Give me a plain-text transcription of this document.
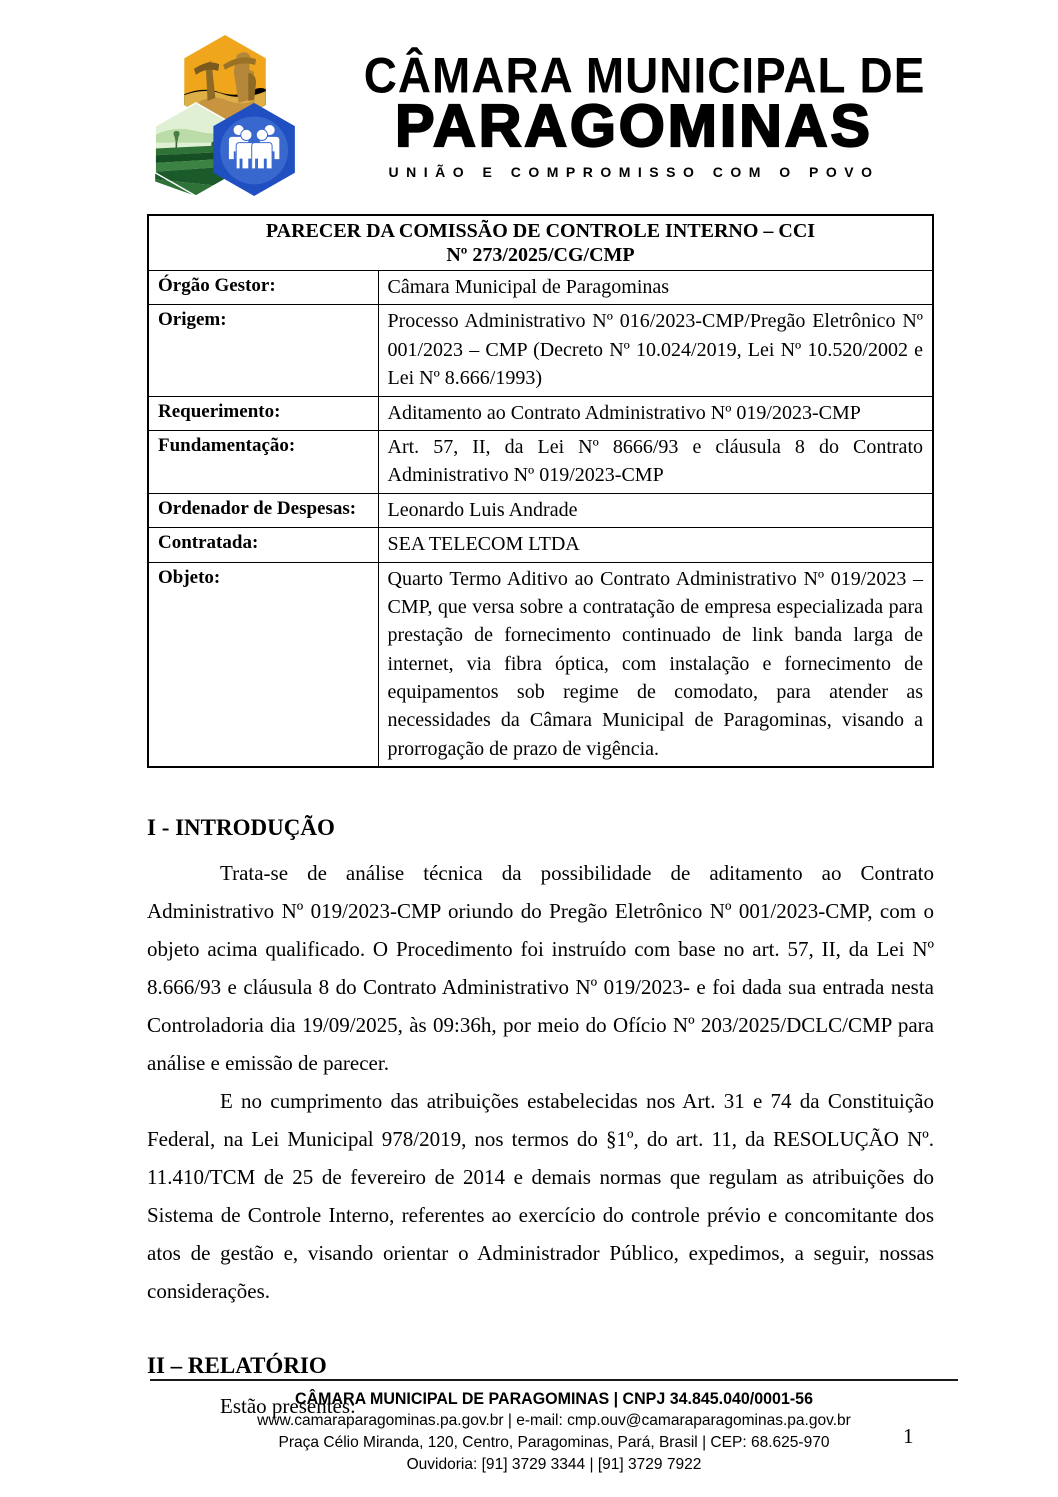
CÂMARA MUNICIPAL DE
PARAGOMINAS
UNIÃO E COMPROMISSO COM O POVO
PARECER DA COMISSÃO DE CONTROLE INTERNO – CCI
Nº 273/2025/CG/CMP	

Órgão Gestor:	Câmara Municipal de Paragominas
Origem:	Processo Administrativo Nº 016/2023-CMP/Pregão Eletrônico Nº 001/2023 – CMP (Decreto Nº 10.024/2019, Lei Nº 10.520/2002 e Lei Nº 8.666/1993)
Requerimento:	Aditamento ao Contrato Administrativo Nº 019/2023-CMP
Fundamentação:	Art. 57, II, da Lei Nº 8666/93 e cláusula 8 do Contrato Administrativo Nº 019/2023-CMP
Ordenador de Despesas:	Leonardo Luis Andrade
Contratada:	SEA TELECOM LTDA
Objeto:	Quarto Termo Aditivo ao Contrato Administrativo Nº 019/2023 – CMP, que versa sobre a contratação de empresa especializada para prestação de fornecimento continuado de link banda larga de internet, via fibra óptica, com instalação e fornecimento de equipamentos sob regime de comodato, para atender as necessidades da Câmara Municipal de Paragominas, visando a prorrogação de prazo de vigência.
I - INTRODUÇÃO

Trata-se de análise técnica da possibilidade de aditamento ao Contrato Administrativo Nº 019/2023-CMP oriundo do Pregão Eletrônico Nº 001/2023-CMP, com o objeto acima qualificado. O Procedimento foi instruído com base no art. 57, II, da Lei Nº 8.666/93 e cláusula 8 do Contrato Administrativo Nº 019/2023- e foi dada sua entrada nesta Controladoria dia 19/09/2025, às 09:36h, por meio do Ofício Nº 203/2025/DCLC/CMP para análise e emissão de parecer.

E no cumprimento das atribuições estabelecidas nos Art. 31 e 74 da Constituição Federal, na Lei Municipal 978/2019, nos termos do §1º, do art. 11, da RESOLUÇÃO Nº. 11.410/TCM de 25 de fevereiro de 2014 e demais normas que regulam as atribuições do Sistema de Controle Interno, referentes ao exercício do controle prévio e concomitante dos atos de gestão e, visando orientar o Administrador Público, expedimos, a seguir, nossas considerações.

II – RELATÓRIO

Estão presentes:

CÂMARA MUNICIPAL DE PARAGOMINAS | CNPJ 34.845.040/0001-56
www.camaraparagominas.pa.gov.br | e-mail: cmp.ouv@camaraparagominas.pa.gov.br
Praça Célio Miranda, 120, Centro, Paragominas, Pará, Brasil | CEP: 68.625-970
Ouvidoria: [91] 3729 3344 | [91] 3729 7922
1
